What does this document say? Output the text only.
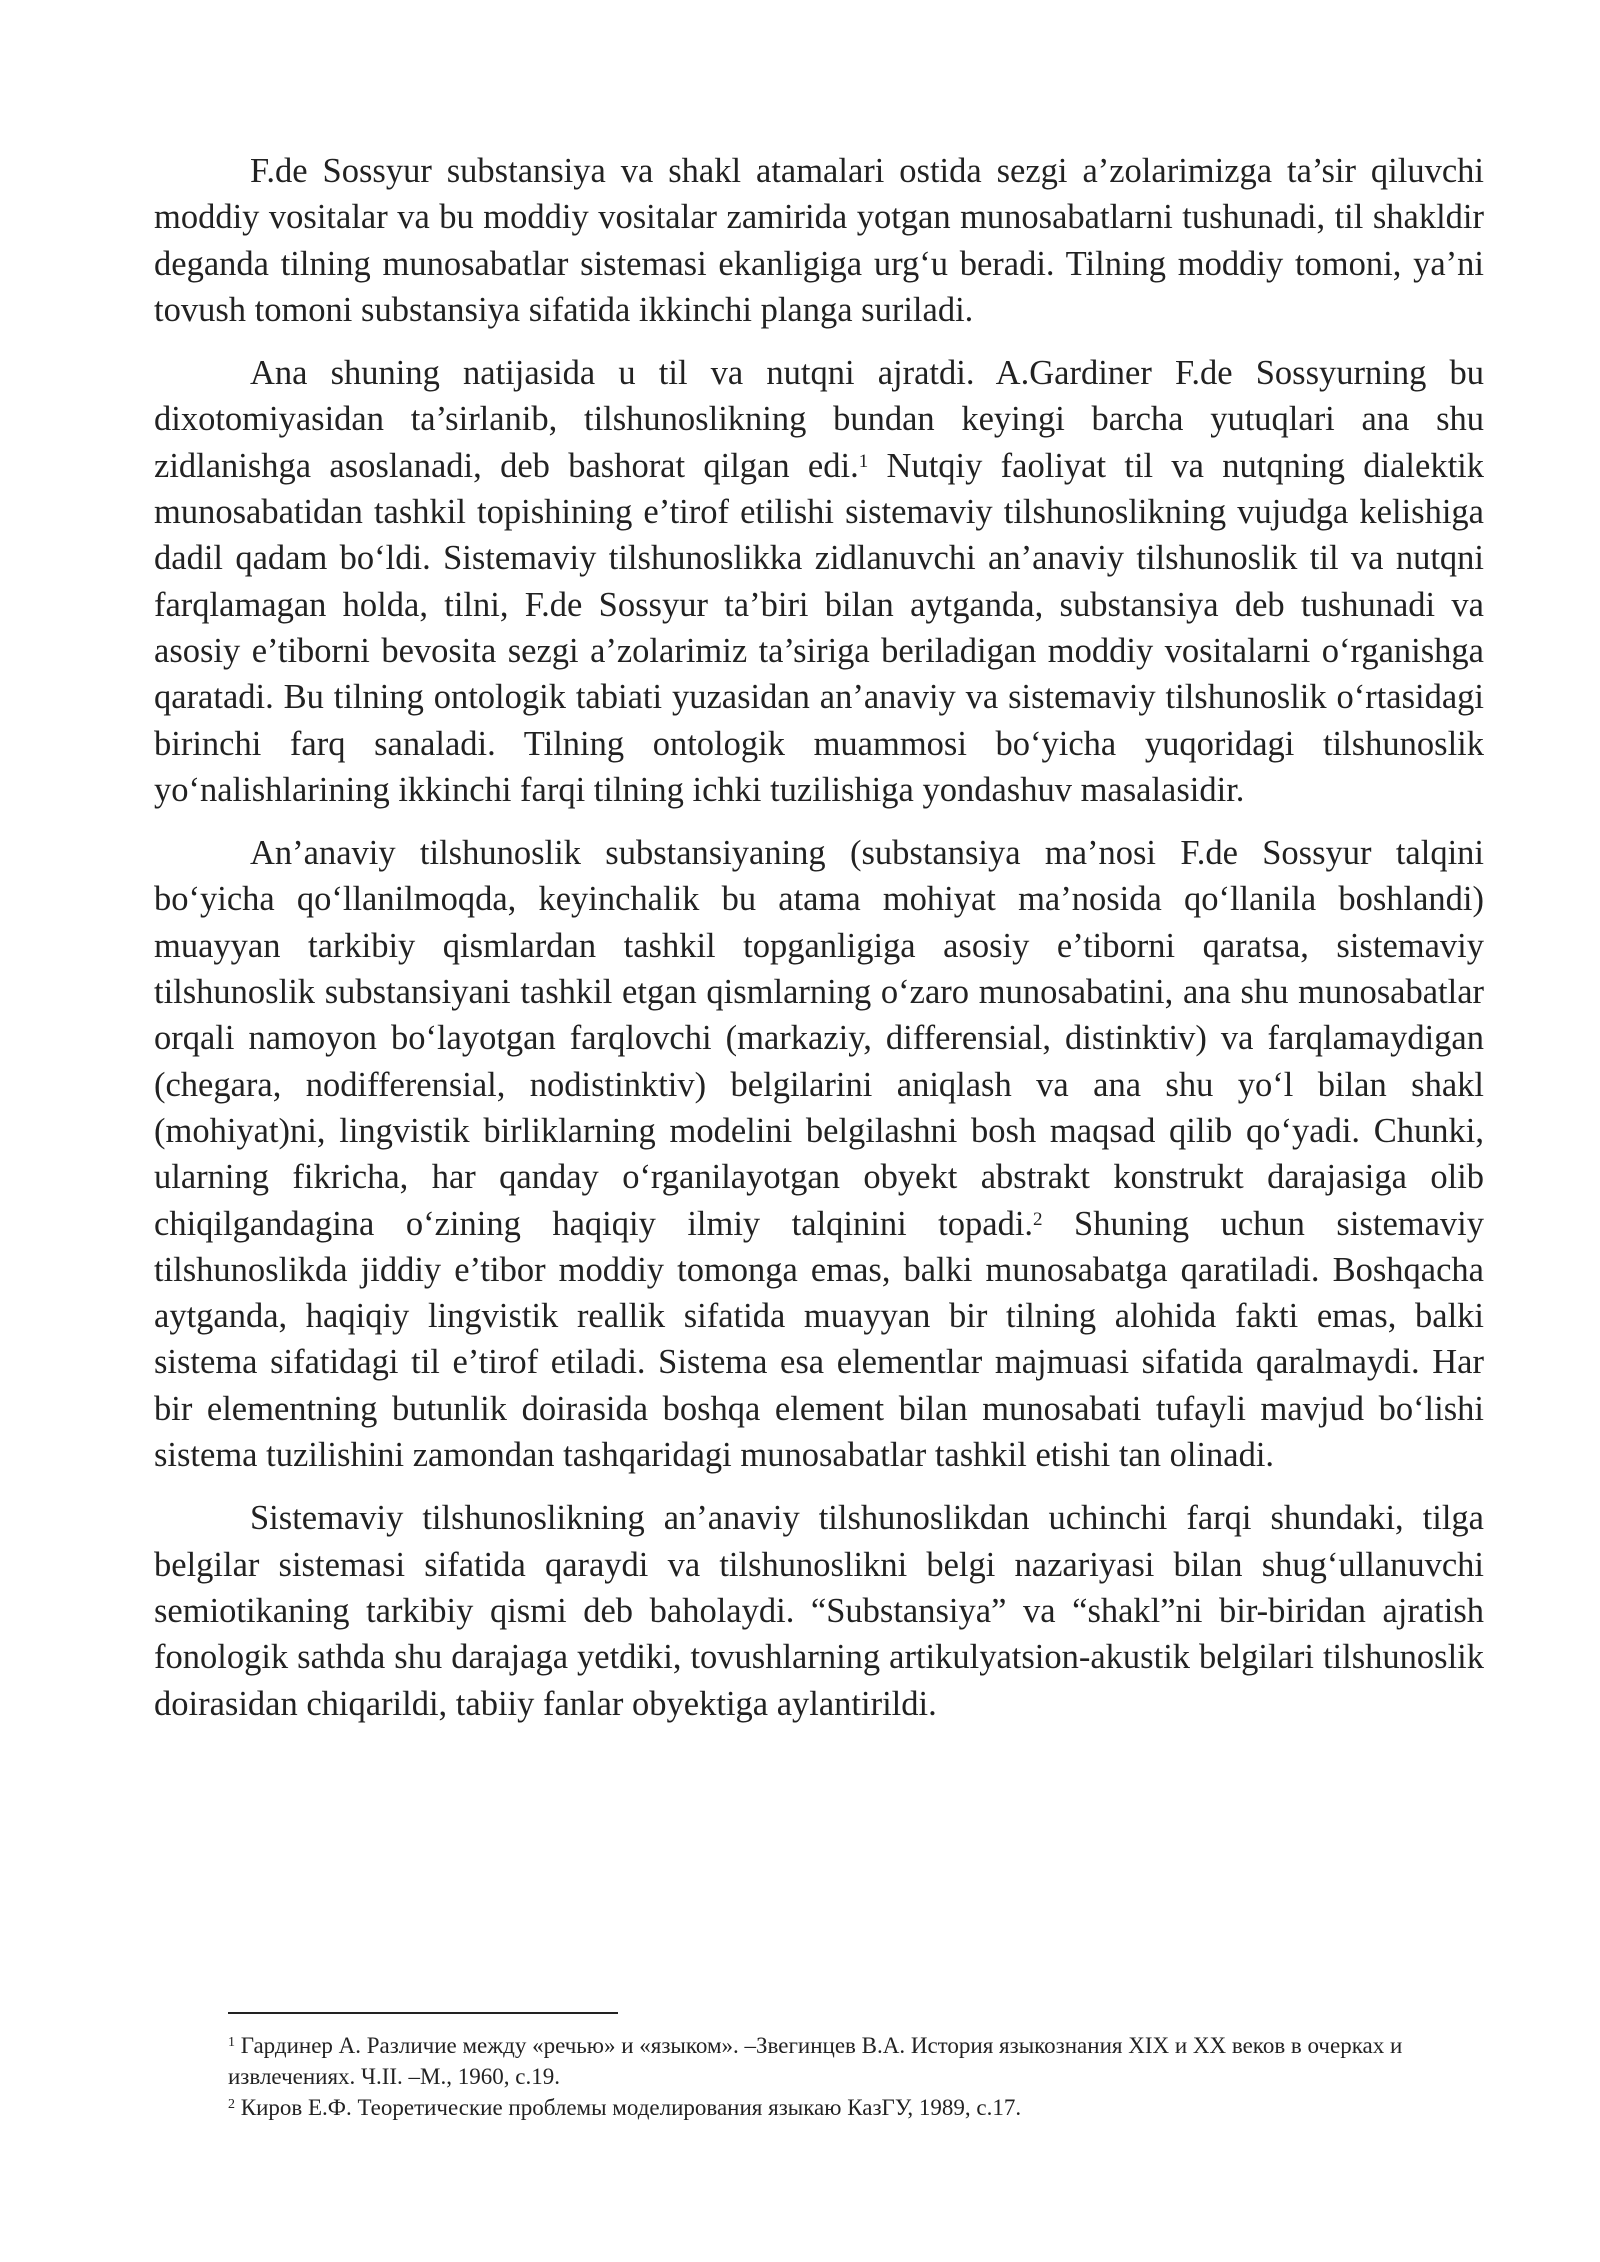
F.de Sossyur substansiya va shakl atamalari ostida sezgi a’zolarimizga ta’sir qiluvchi moddiy vositalar va bu moddiy vositalar zamirida yotgan munosabatlarni tushunadi, til shakldir deganda tilning munosabatlar sistemasi ekanligiga urg‘u beradi. Tilning moddiy tomoni, ya’ni tovush tomoni substansiya sifatida ikkinchi planga suriladi.

Ana shuning natijasida u til va nutqni ajratdi. A.Gardiner F.de Sossyurning bu dixotomiyasidan ta’sirlanib, tilshunoslikning bundan keyingi barcha yutuqlari ana shu zidlanishga asoslanadi, deb bashorat qilgan edi.$^1$ Nutqiy faoliyat til va nutqning dialektik munosabatidan tashkil topishining e’tirof etilishi sistemaviy tilshunoslikning vujudga kelishiga dadil qadam bo‘ldi. Sistemaviy tilshunoslikka zidlanuvchi an’anaviy tilshunoslik til va nutqni farqlamagan holda, tilni, F.de Sossyur ta’biri bilan aytganda, substansiya deb tushunadi va asosiy e’tiborni bevosita sezgi a’zolarimiz ta’siriga beriladigan moddiy vositalarni o‘rganishga qaratadi. Bu tilning ontologik tabiati yuzasidan an’anaviy va sistemaviy tilshunoslik o‘rtasidagi birinchi farq sanaladi. Tilning ontologik muammosi bo‘yicha yuqoridagi tilshunoslik yo‘nalishlarining ikkinchi farqi tilning ichki tuzilishiga yondashuv masalasidir.

An’anaviy tilshunoslik substansiyaning (substansiya ma’nosi F.de Sossyur talqini bo‘yicha qo‘llanilmoqda, keyinchalik bu atama mohiyat ma’nosida qo‘llanila boshlandi) muayyan tarkibiy qismlardan tashkil topganligiga asosiy e’tiborni qaratsa, sistemaviy tilshunoslik substansiyani tashkil etgan qismlarning o‘zaro munosabatini, ana shu munosabatlar orqali namoyon bo‘layotgan farqlovchi (markaziy, differensial, distinktiv) va farqlamaydigan (chegara, nodifferensial, nodistinktiv) belgilarini aniqlash va ana shu yo‘l bilan shakl (mohiyat)ni, lingvistik birliklarning modelini belgilashni bosh maqsad qilib qo‘yadi. Chunki, ularning fikricha, har qanday o‘rganilayotgan obyekt abstrakt konstrukt darajasiga olib chiqilgandagina o‘zining haqiqiy ilmiy talqinini topadi.$^2$ Shuning uchun sistemaviy tilshunoslikda jiddiy e’tibor moddiy tomonga emas, balki munosabatga qaratiladi. Boshqacha aytganda, haqiqiy lingvistik reallik sifatida muayyan bir tilning alohida fakti emas, balki sistema sifatidagi til e’tirof etiladi. Sistema esa elementlar majmuasi sifatida qaralmaydi. Har bir elementning butunlik doirasida boshqa element bilan munosabati tufayli mavjud bo‘lishi sistema tuzilishini zamondan tashqaridagi munosabatlar tashkil etishi tan olinadi.

Sistemaviy tilshunoslikning an’anaviy tilshunoslikdan uchinchi farqi shundaki, tilga belgilar sistemasi sifatida qaraydi va tilshunoslikni belgi nazariyasi bilan shug‘ullanuvchi semiotikaning tarkibiy qismi deb baholaydi. “Substansiya” va “shakl”ni bir-biridan ajratish fonologik sathda shu darajaga yetdiki, tovushlarning artikulyatsion-akustik belgilari tilshunoslik doirasidan chiqarildi, tabiiy fanlar obyektiga aylantirildi.

$^1$ Гардинер А. Различие между «речью» и «языком». –Звегинцев В.А. История языкознания XIX и XX веков в очерках и извлечениях. Ч.II. –М., 1960, с.19.

$^2$ Киров Е.Ф. Теоретические проблемы моделирования языкаю КазГУ, 1989, с.17.
